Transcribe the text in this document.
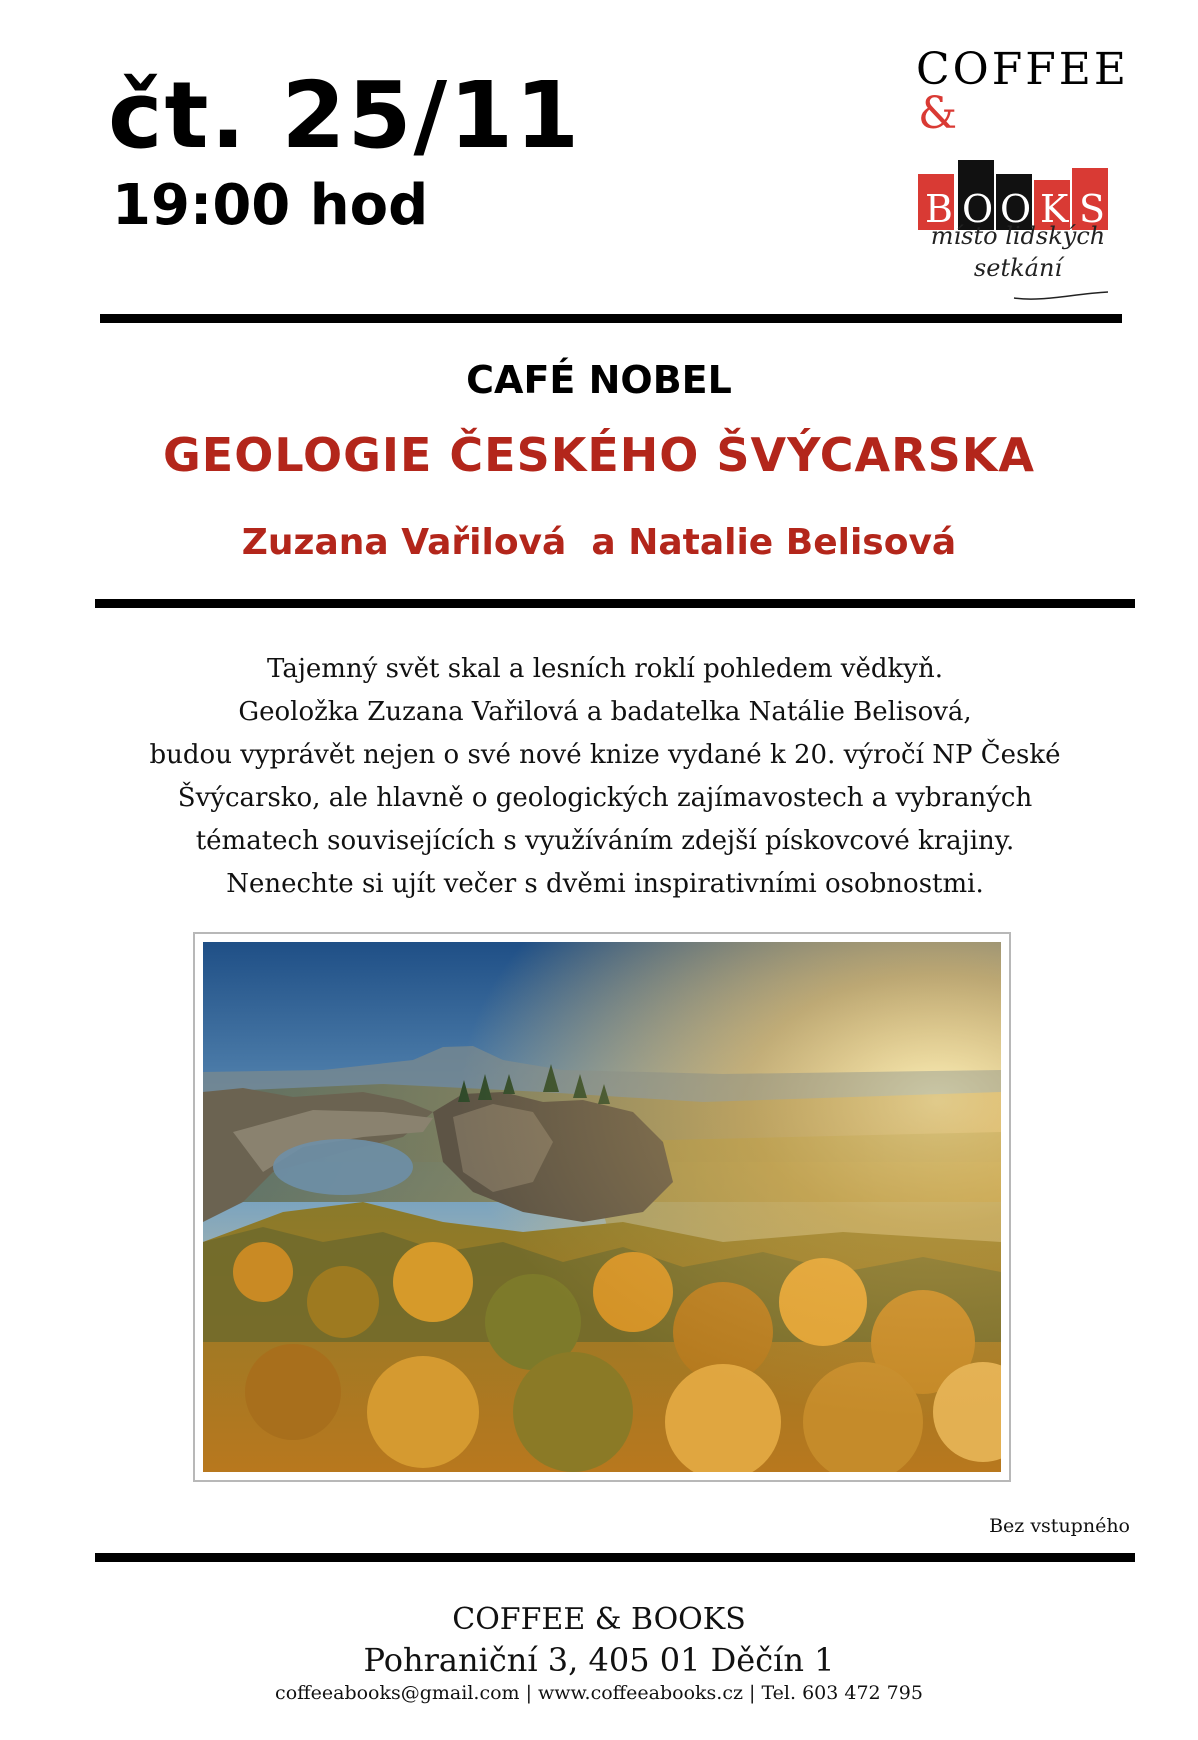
čt. 25/11
19:00 hod
COFFEE
&
B O O K S
místo lidských
setkání
CAFÉ NOBEL
GEOLOGIE ČESKÉHO ŠVÝCARSKA
Zuzana Vařilová  a Natalie Belisová
Tajemný svět skal a lesních roklí pohledem vědkyň.
Geoložka Zuzana Vařilová a badatelka Natálie Belisová,
budou vyprávět nejen o své nové knize vydané k 20. výročí NP České
Švýcarsko, ale hlavně o geologických zajímavostech a vybraných
tématech souvisejících s využíváním zdejší pískovcové krajiny.
Nenechte si ujít večer s dvěmi inspirativními osobnostmi.
Bez vstupného
COFFEE & BOOKS
Pohraniční 3, 405 01 Děčín 1
coffeeabooks@gmail.com | www.coffeeabooks.cz | Tel. 603 472 795
